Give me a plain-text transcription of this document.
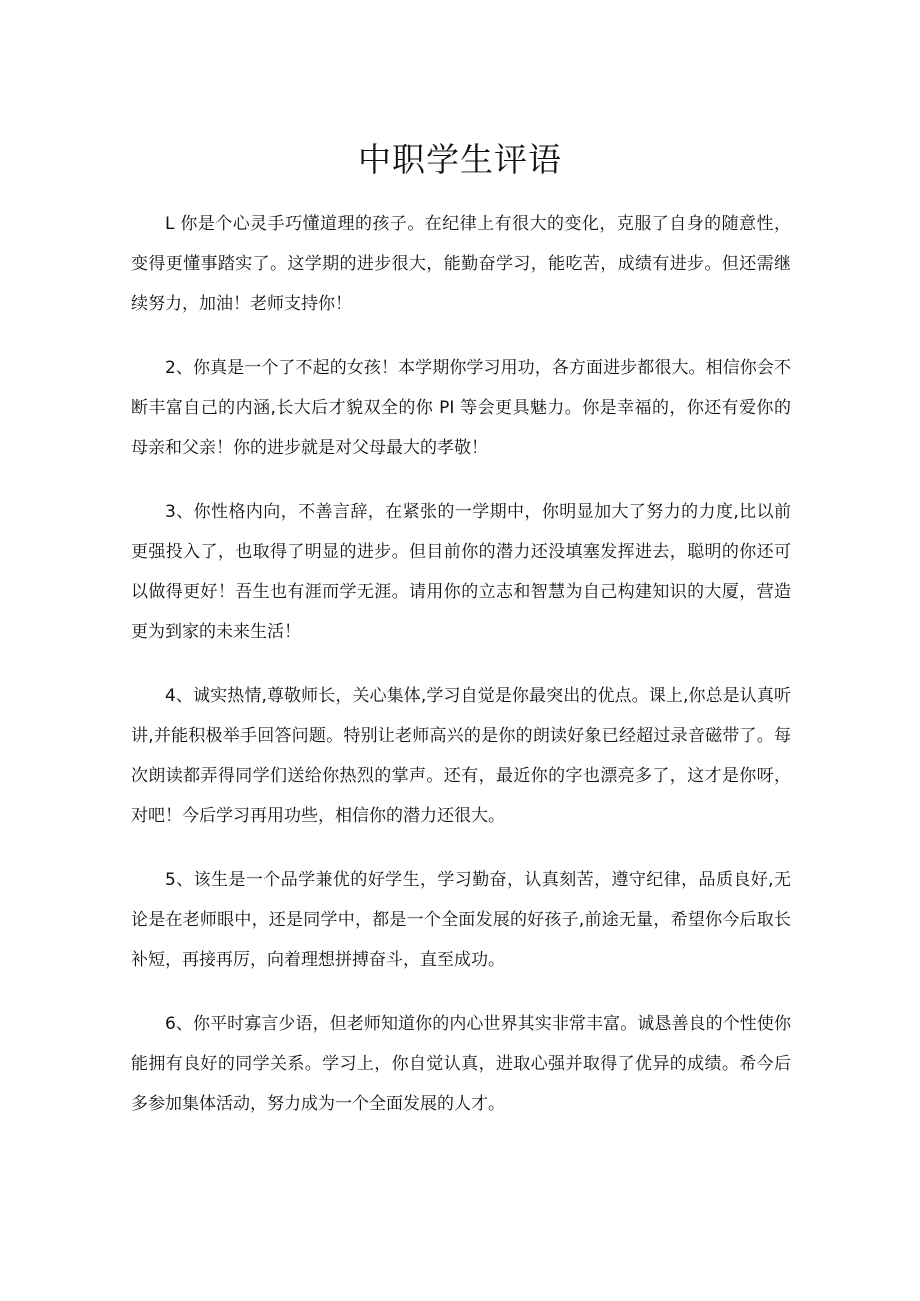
中职学生评语

L 你是个心灵手巧懂道理的孩子。在纪律上有很大的变化，克服了自身的随意性，变得更懂事踏实了。这学期的进步很大，能勤奋学习，能吃苦，成绩有进步。但还需继续努力，加油！老师支持你！

2、你真是一个了不起的女孩！本学期你学习用功，各方面进步都很大。相信你会不断丰富自己的内涵,长大后才貌双全的你 PI 等会更具魅力。你是幸福的，你还有爱你的母亲和父亲！你的进步就是对父母最大的孝敬！

3、你性格内向，不善言辞，在紧张的一学期中，你明显加大了努力的力度,比以前更强投入了，也取得了明显的进步。但目前你的潜力还没填塞发挥进去，聪明的你还可以做得更好！吾生也有涯而学无涯。请用你的立志和智慧为自己构建知识的大厦，营造更为到家的未来生活！

4、诚实热情,尊敬师长，关心集体,学习自觉是你最突出的优点。课上,你总是认真听讲,并能积极举手回答问题。特别让老师高兴的是你的朗读好象已经超过录音磁带了。每次朗读都弄得同学们送给你热烈的掌声。还有，最近你的字也漂亮多了，这才是你呀，对吧！今后学习再用功些，相信你的潜力还很大。

5、该生是一个品学兼优的好学生，学习勤奋，认真刻苦，遵守纪律，品质良好,无论是在老师眼中，还是同学中，都是一个全面发展的好孩子,前途无量，希望你今后取长补短，再接再厉，向着理想拼搏奋斗，直至成功。

6、你平时寡言少语，但老师知道你的内心世界其实非常丰富。诚恳善良的个性使你能拥有良好的同学关系。学习上，你自觉认真，进取心强并取得了优异的成绩。希今后多参加集体活动，努力成为一个全面发展的人才。
